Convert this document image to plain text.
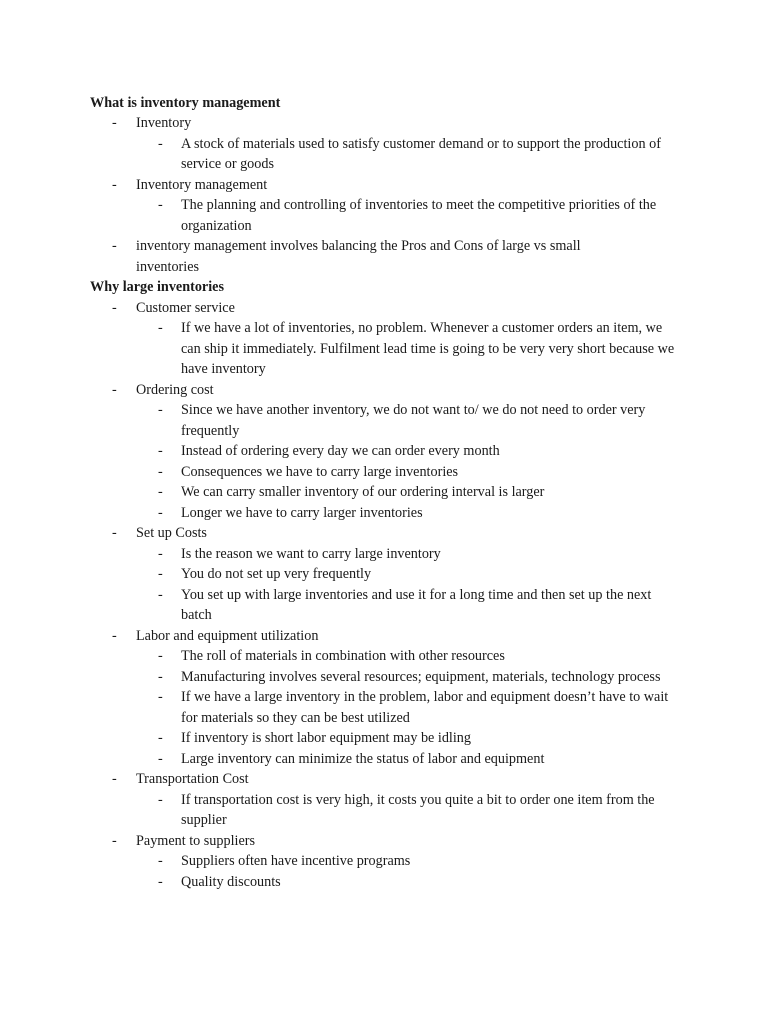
What is inventory management
- Inventory
- A stock of materials used to satisfy customer demand or to support the production of service or goods
- Inventory management
- The planning and controlling of inventories to meet the competitive priorities of the organization
- inventory management involves balancing the Pros and Cons of large vs small inventories
Why large inventories
- Customer service
- If we have a lot of inventories, no problem. Whenever a customer orders an item, we can ship it immediately. Fulfilment lead time is going to be very very short because we have inventory
- Ordering cost
- Since we have another inventory, we do not want to/ we do not need to order very frequently
- Instead of ordering every day we can order every month
- Consequences we have to carry large inventories
- We can carry smaller inventory of our ordering interval is larger
- Longer we have to carry larger inventories
- Set up Costs
- Is the reason we want to carry large inventory
- You do not set up very frequently
- You set up with large inventories and use it for a long time and then set up the next batch
- Labor and equipment utilization
- The roll of materials in combination with other resources
- Manufacturing involves several resources; equipment, materials, technology process
- If we have a large inventory in the problem, labor and equipment doesn’t have to wait for materials so they can be best utilized
- If inventory is short labor equipment may be idling
- Large inventory can minimize the status of labor and equipment
- Transportation Cost
- If transportation cost is very high, it costs you quite a bit to order one item from the supplier
- Payment to suppliers
- Suppliers often have incentive programs
- Quality discounts
